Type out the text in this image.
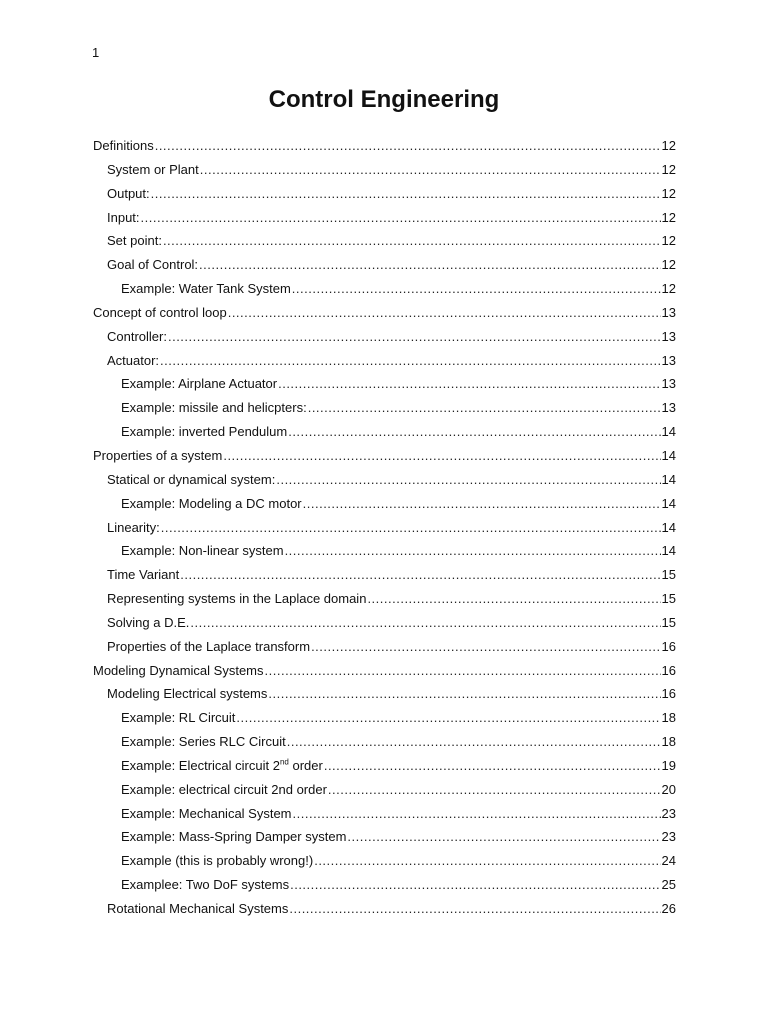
1
Control Engineering
Definitions .....	12
System or Plant .....	12
Output: .....	12
Input: .....	12
Set point: .....	12
Goal of Control: .....	12
Example: Water Tank System .....	12
Concept of control loop .....	13
Controller: .....	13
Actuator: .....	13
Example: Airplane Actuator .....	13
Example: missile and helicpters: .....	13
Example: inverted Pendulum .....	14
Properties of a system .....	14
Statical or dynamical system: .....	14
Example: Modeling a DC motor .....	14
Linearity: .....	14
Example: Non-linear system .....	14
Time Variant .....	15
Representing systems in the Laplace domain .....	15
Solving a D.E. .....	15
Properties of the Laplace transform .....	16
Modeling Dynamical Systems .....	16
Modeling Electrical systems .....	16
Example: RL Circuit .....	18
Example: Series RLC Circuit .....	18
Example: Electrical circuit 2nd order .....	19
Example: electrical circuit 2nd order .....	20
Example: Mechanical System .....	23
Example: Mass-Spring Damper system .....	23
Example (this is probably wrong!) .....	24
Examplee: Two DoF systems .....	25
Rotational Mechanical Systems .....	26
